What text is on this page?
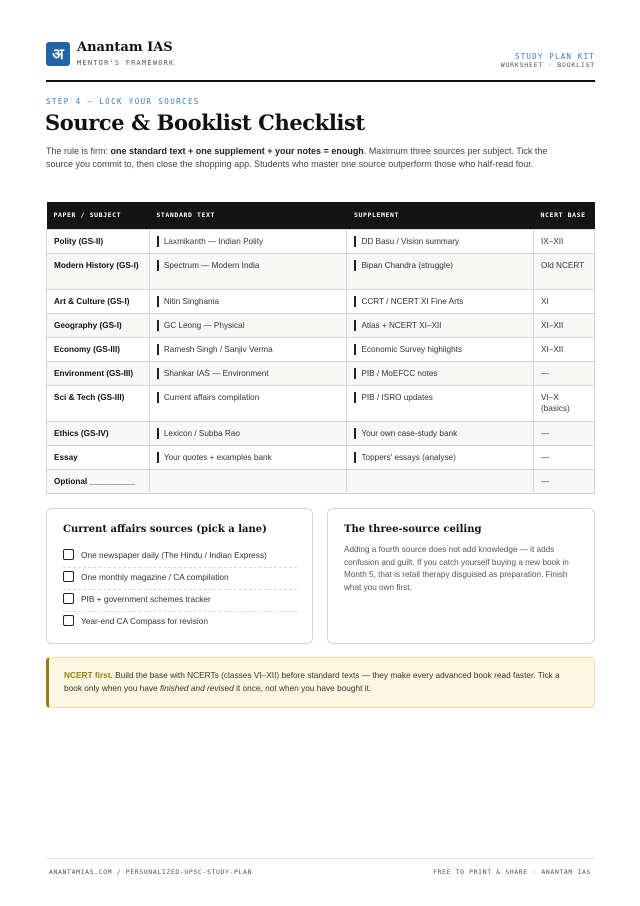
अ	Anantam IAS
MENTOR'S FRAMEWORK
STUDY PLAN KIT
WORKSHEET · BOOKLIST
STEP 4 — LOCK YOUR SOURCES
Source & Booklist Checklist

The rule is firm: one standard text + one supplement + your notes = enough. Maximum three sources per subject. Tick the source you commit to, then close the shopping app. Students who master one source outperform those who half-read four.

PAPER / SUBJECT	STANDARD TEXT	SUPPLEMENT	NCERT BASE
Polity (GS-II)	Laxmikanth — Indian Polity	DD Basu / Vision summary	IX–XII
Modern History (GS-I)	Spectrum — Modern India	Bipan Chandra (struggle)	Old NCERT
Art & Culture (GS-I)	Nitin Singhania	CCRT / NCERT XI Fine Arts	XI
Geography (GS-I)	GC Leong — Physical	Atlas + NCERT XI–XII	XI–XII
Economy (GS-III)	Ramesh Singh / Sanjiv Verma	Economic Survey highlights	XI–XII
Environment (GS-III)	Shankar IAS — Environment	PIB / MoEFCC notes	—
Sci & Tech (GS-III)	Current affairs compilation	PIB / ISRO updates	VI–X (basics)
Ethics (GS-IV)	Lexicon / Subba Rao	Your own case-study bank	—
Essay	Your quotes + examples bank	Toppers' essays (analyse)	—
Optional __________			—
Current affairs sources (pick a lane)
One newspaper daily (The Hindu / Indian Express)
One monthly magazine / CA compilation
PIB + government schemes tracker
Year-end CA Compass for revision
The three-source ceiling

Adding a fourth source does not add knowledge — it adds confusion and guilt. If you catch yourself buying a new book in Month 5, that is retail therapy disguised as preparation. Finish what you own first.

NCERT first. Build the base with NCERTs (classes VI–XII) before standard texts — they make every advanced book read faster. Tick a book only when you have finished and revised it once, not when you have bought it.
ANANTAMIAS.COM / PERSONALIZED-UPSC-STUDY-PLAN	FREE TO PRINT & SHARE · ANANTAM IAS
